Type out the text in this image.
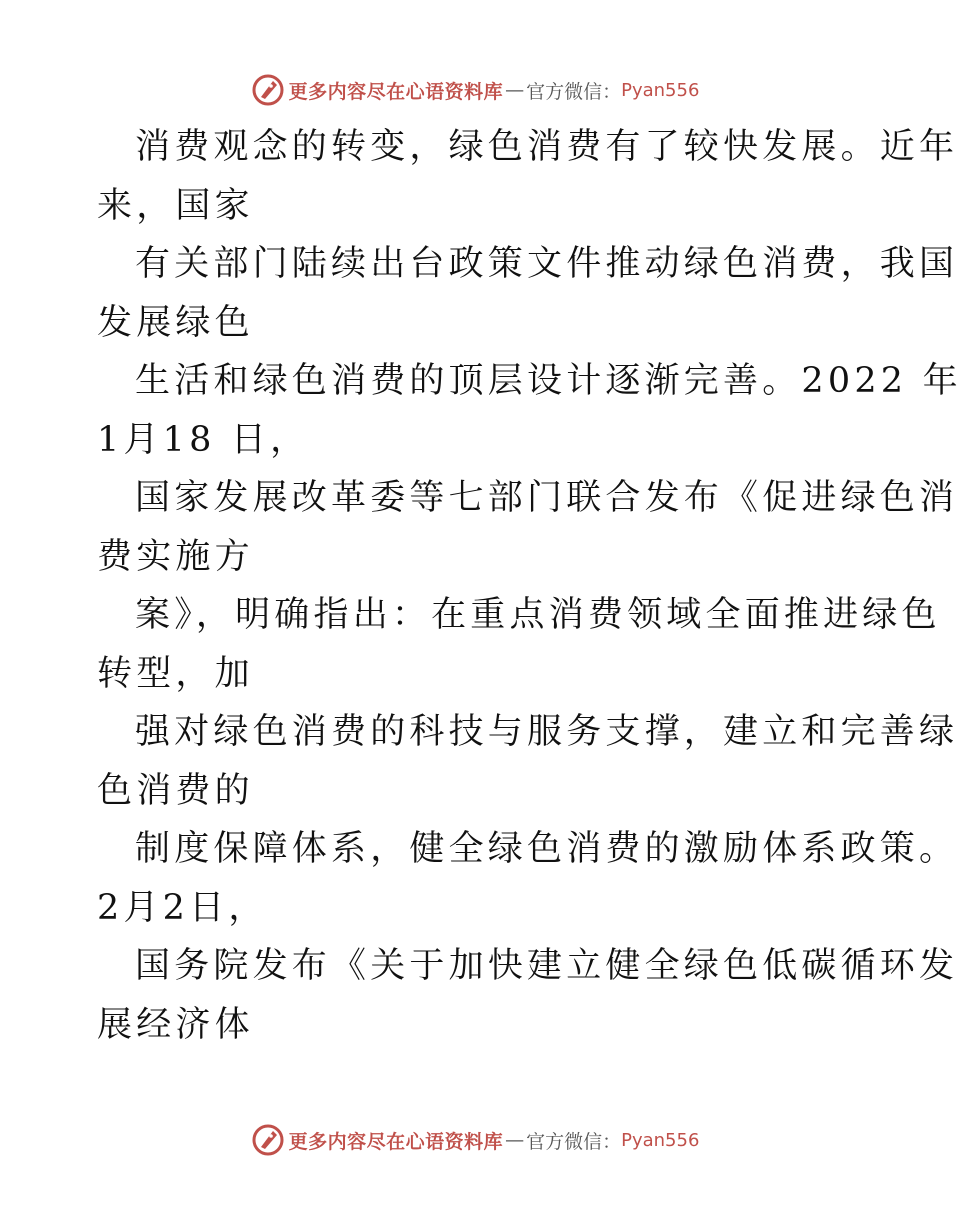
更多内容尽在心语资料库 — 官方微信： Pyan556
消费观念的转变，绿色消费有了较快发展。近年
来，国家
有关部门陆续出台政策文件推动绿色消费，我国
发展绿色
生活和绿色消费的顶层设计逐渐完善。2022 年
1月18 日，
国家发展改革委等七部门联合发布《促进绿色消
费实施方
案》，明确指出：在重点消费领域全面推进绿色
转型，加
强对绿色消费的科技与服务支撑，建立和完善绿
色消费的
制度保障体系，健全绿色消费的激励体系政策。
2月2日，
国务院发布《关于加快建立健全绿色低碳循环发
展经济体
更多内容尽在心语资料库 — 官方微信： Pyan556
